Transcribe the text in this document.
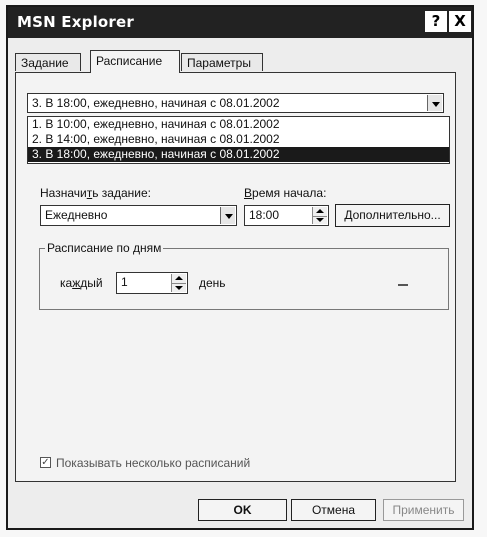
MSN Explorer	? X
Задание	Расписание	Параметры
3. В 18:00, ежедневно, начиная с 08.01.2002
1. В 10:00, ежедневно, начиная с 08.01.2002
2. В 14:00, ежедневно, начиная с 08.01.2002
3. В 18:00, ежедневно, начиная с 08.01.2002
Назначить задание:
Ежедневно
Время начала:
18:00	Дополнительно...
Расписание по дням
каждый 1	день
✓ Показывать несколько расписаний
OK	Отмена	Применить
